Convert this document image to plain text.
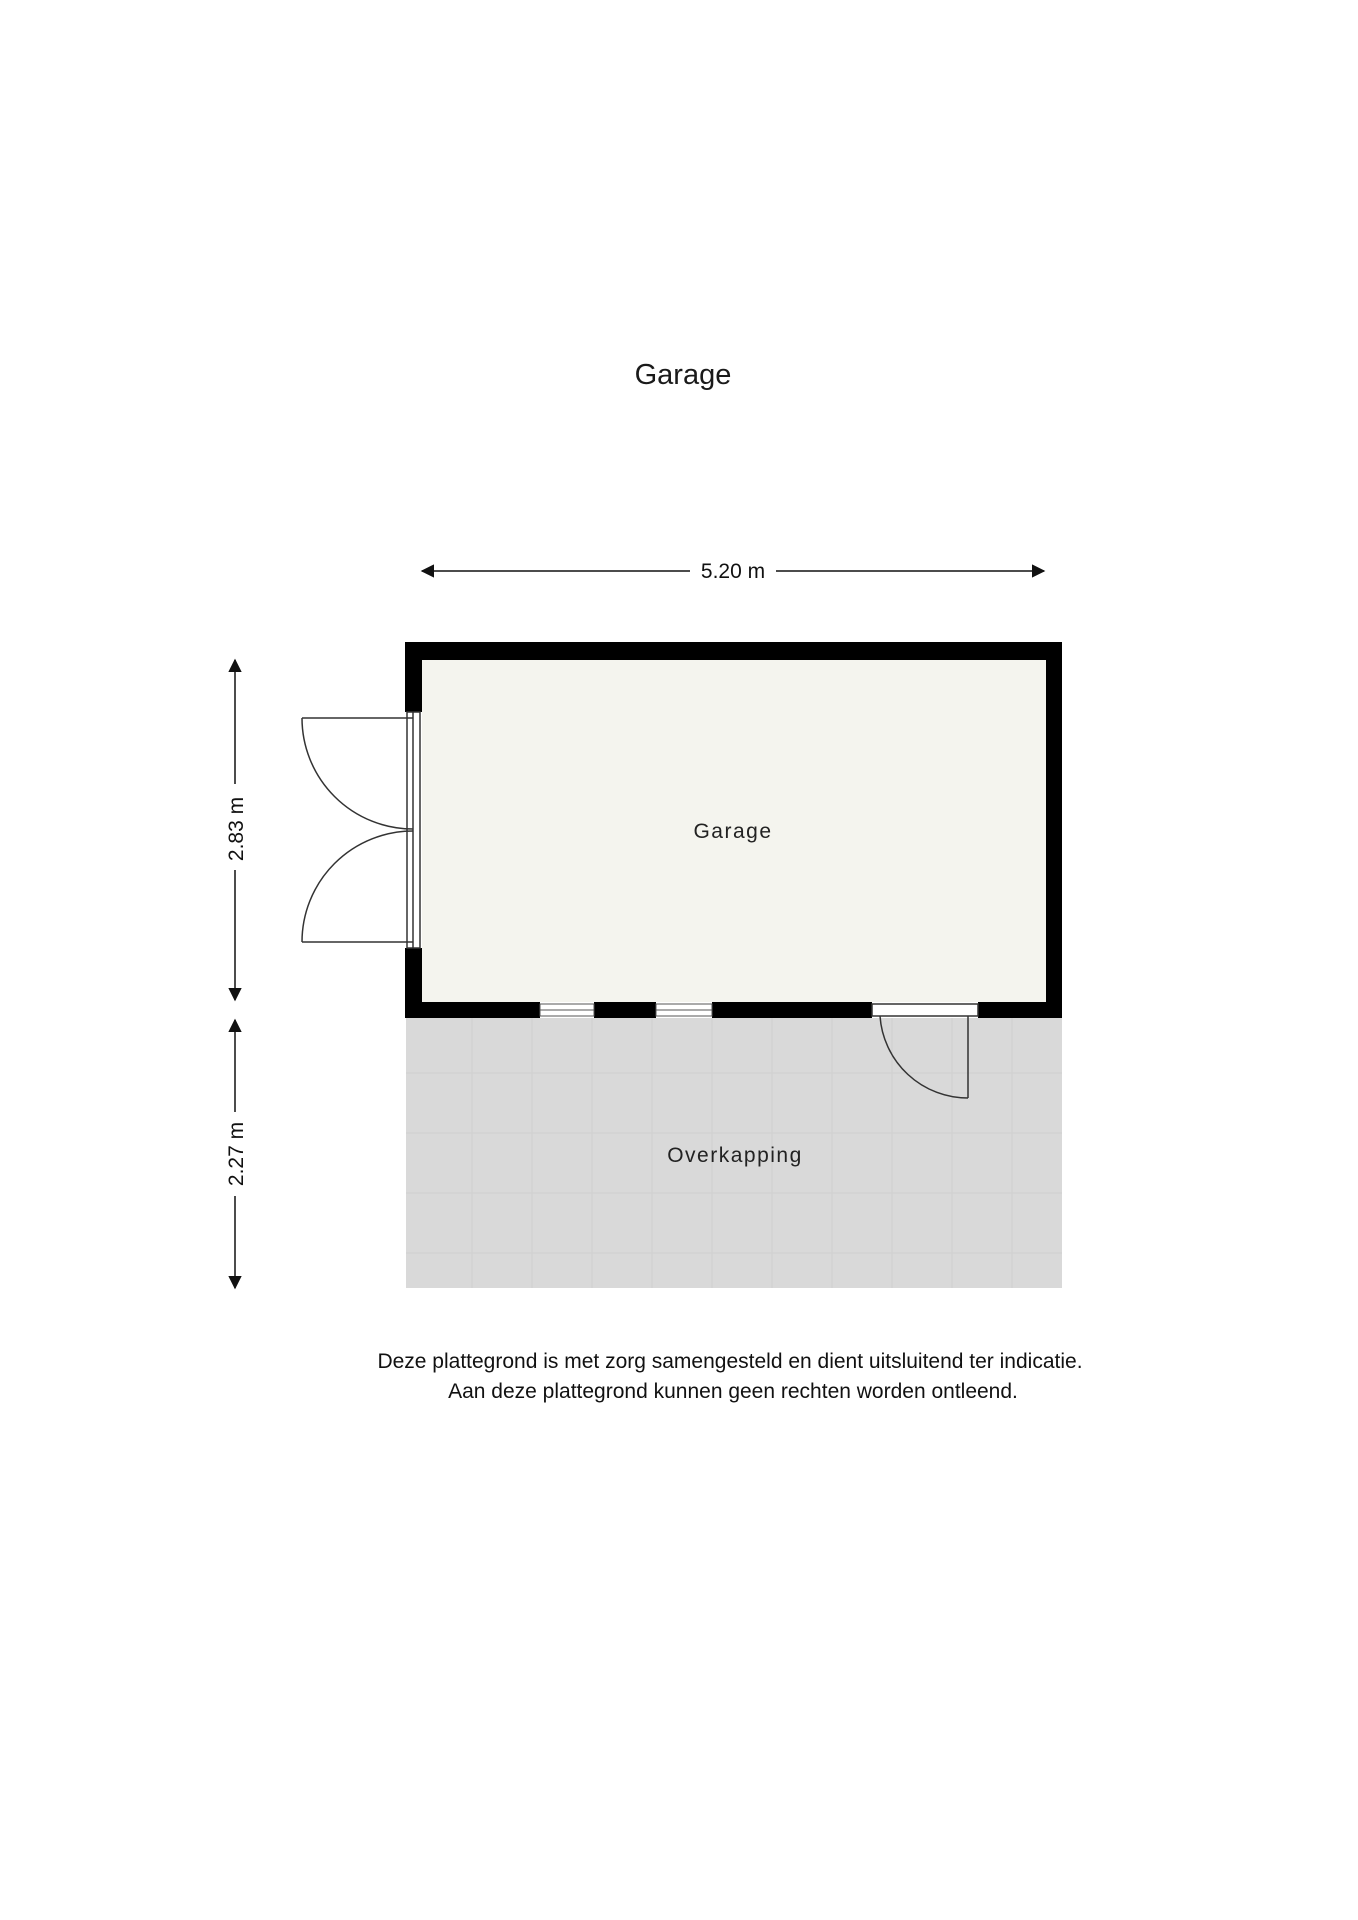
Garage
Overkapping
Garage
5.20 m
2.83 m
2.27 m
Deze plattegrond is met zorg samengesteld en dient uitsluitend ter indicatie.
Aan deze plattegrond kunnen geen rechten worden ontleend.
